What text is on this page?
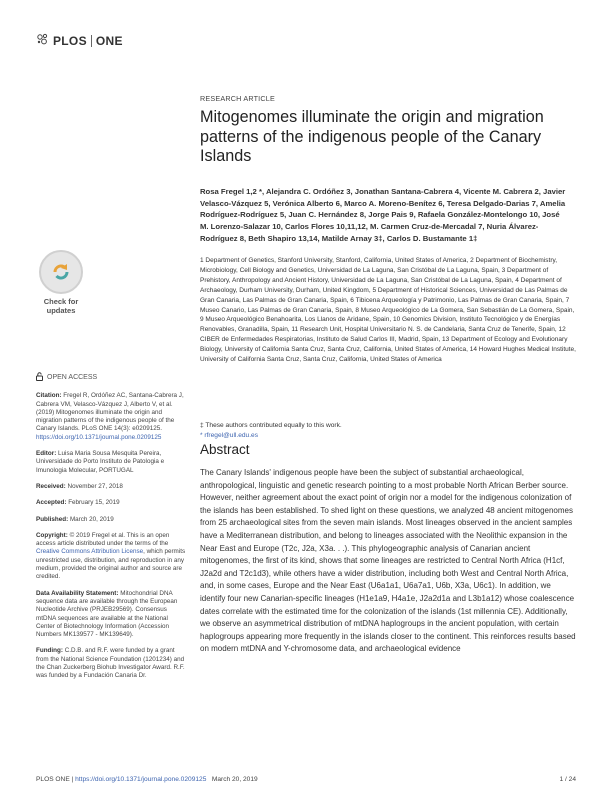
PLOS ONE
Check for
updates
OPEN ACCESS
Citation: Fregel R, Ordóñez AC, Santana-Cabrera J, Cabrera VM, Velasco-Vázquez J, Alberto V, et al. (2019) Mitogenomes illuminate the origin and migration patterns of the indigenous people of the Canary Islands. PLoS ONE 14(3): e0209125. https://doi.org/10.1371/journal.pone.0209125
Editor: Luisa Maria Sousa Mesquita Pereira, Universidade do Porto Instituto de Patologia e Imunologia Molecular, PORTUGAL
Received: November 27, 2018
Accepted: February 15, 2019
Published: March 20, 2019
Copyright: © 2019 Fregel et al. This is an open access article distributed under the terms of the Creative Commons Attribution License, which permits unrestricted use, distribution, and reproduction in any medium, provided the original author and source are credited.
Data Availability Statement: Mitochondrial DNA sequence data are available through the European Nucleotide Archive (PRJEB29569). Consensus mtDNA sequences are available at the National Center of Biotechnology Information (Accession Numbers MK139577 - MK139649).
Funding: C.D.B. and R.F. were funded by a grant from the National Science Foundation (1201234) and the Chan Zuckerberg Biohub Investigator Award. R.F. was funded by a Fundación Canaria Dr.
RESEARCH ARTICLE
Mitogenomes illuminate the origin and migration patterns of the indigenous people of the Canary Islands
Rosa Fregel 1,2 *, Alejandra C. Ordóñez 3, Jonathan Santana-Cabrera 4, Vicente M. Cabrera 2, Javier Velasco-Vázquez 5, Verónica Alberto 6, Marco A. Moreno-Benítez 6, Teresa Delgado-Darias 7, Amelia Rodríguez-Rodríguez 5, Juan C. Hernández 8, Jorge Pais 9, Rafaela González-Montelongo 10, José M. Lorenzo-Salazar 10, Carlos Flores 10,11,12, M. Carmen Cruz-de-Mercadal 7, Nuria Álvarez-Rodríguez 8, Beth Shapiro 13,14, Matilde Arnay 3‡, Carlos D. Bustamante 1‡
1 Department of Genetics, Stanford University, Stanford, California, United States of America, 2 Department of Biochemistry, Microbiology, Cell Biology and Genetics, Universidad de La Laguna, San Cristóbal de La Laguna, Spain, 3 Department of Prehistory, Anthropology and Ancient History, Universidad de La Laguna, San Cristóbal de La Laguna, Spain, 4 Department of Archaeology, Durham University, Durham, United Kingdom, 5 Department of Historical Sciences, Universidad de Las Palmas de Gran Canaria, Las Palmas de Gran Canaria, Spain, 6 Tibicena Arqueología y Patrimonio, Las Palmas de Gran Canaria, Spain, 7 Museo Canario, Las Palmas de Gran Canaria, Spain, 8 Museo Arqueológico de La Gomera, San Sebastián de La Gomera, Spain, 9 Museo Arqueológico Benahoarita, Los Llanos de Aridane, Spain, 10 Genomics Division, Instituto Tecnológico y de Energías Renovables, Granadilla, Spain, 11 Research Unit, Hospital Universitario N. S. de Candelaria, Santa Cruz de Tenerife, Spain, 12 CIBER de Enfermedades Respiratorias, Instituto de Salud Carlos III, Madrid, Spain, 13 Department of Ecology and Evolutionary Biology, University of California Santa Cruz, Santa Cruz, California, United States of America, 14 Howard Hughes Medical Institute, University of California Santa Cruz, Santa Cruz, California, United States of America
‡ These authors contributed equally to this work.
* rfregel@ull.edu.es
Abstract
The Canary Islands' indigenous people have been the subject of substantial archaeological, anthropological, linguistic and genetic research pointing to a most probable North African Berber source. However, neither agreement about the exact point of origin nor a model for the indigenous colonization of the islands has been established. To shed light on these questions, we analyzed 48 ancient mitogenomes from 25 archaeological sites from the seven main islands. Most lineages observed in the ancient samples have a Mediterranean distribution, and belong to lineages associated with the Neolithic expansion in the Near East and Europe (T2c, J2a, X3a. . .). This phylogeographic analysis of Canarian ancient mitogenomes, the first of its kind, shows that some lineages are restricted to Central North Africa (H1cf, J2a2d and T2c1d3), while others have a wider distribution, including both West and Central North Africa, and, in some cases, Europe and the Near East (U6a1a1, U6a7a1, U6b, X3a, U6c1). In addition, we identify four new Canarian-specific lineages (H1e1a9, H4a1e, J2a2d1a and L3b1a12) whose coalescence dates correlate with the estimated time for the colonization of the islands (1st millennia CE). Additionally, we observe an asymmetrical distribution of mtDNA haplogroups in the ancient population, with certain haplogroups appearing more frequently in the islands closer to the continent. This reinforces results based on modern mtDNA and Y-chromosome data, and archaeological evidence
PLOS ONE | https://doi.org/10.1371/journal.pone.0209125 March 20, 2019	1 / 24
